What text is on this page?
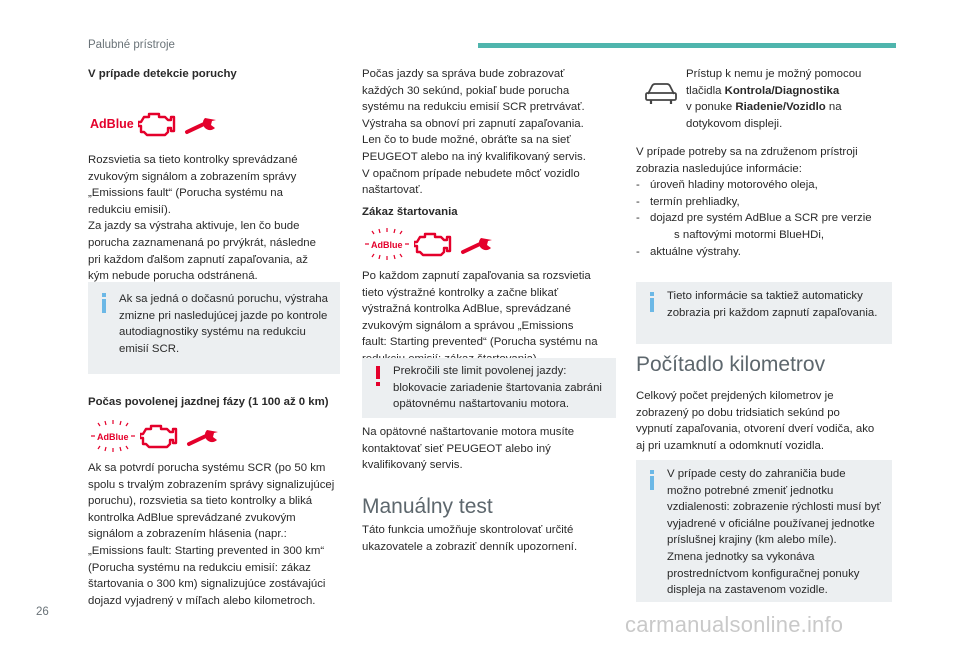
Palubné prístroje

V prípade detekcie poruchy

AdBlue

Rozsvietia sa tieto kontrolky sprevádzané

zvukovým signálom a zobrazením správy

„Emissions fault“ (Porucha systému na

redukciu emisií).

Za jazdy sa výstraha aktivuje, len čo bude

porucha zaznamenaná po prvýkrát, následne

pri každom ďalšom zapnutí zapaľovania, až

kým nebude porucha odstránená.

Ak sa jedná o dočasnú poruchu, výstraha

zmizne pri nasledujúcej jazde po kontrole

autodiagnostiky systému na redukciu

emisií SCR.

Počas povolenej jazdnej fázy (1 100 až 0 km)

AdBlue

Ak sa potvrdí porucha systému SCR (po 50 km

spolu s trvalým zobrazením správy signalizujúcej

poruchu), rozsvietia sa tieto kontrolky a bliká

kontrolka AdBlue sprevádzané zvukovým

signálom a zobrazením hlásenia (napr.:

„Emissions fault: Starting prevented in 300 km“

(Porucha systému na redukciu emisií: zákaz

štartovania o 300 km) signalizujúce zostávajúci

dojazd vyjadrený v míľach alebo kilometroch.

Počas jazdy sa správa bude zobrazovať

každých 30 sekúnd, pokiaľ bude porucha

systému na redukciu emisií SCR pretrvávať.

Výstraha sa obnoví pri zapnutí zapaľovania.

Len čo to bude možné, obráťte sa na sieť

PEUGEOT alebo na iný kvalifikovaný servis.

V opačnom prípade nebudete môcť vozidlo

naštartovať.

Zákaz štartovania

AdBlue

Po každom zapnutí zapaľovania sa rozsvietia

tieto výstražné kontrolky a začne blikať

výstražná kontrolka AdBlue, sprevádzané

zvukovým signálom a správou „Emissions

fault: Starting prevented“ (Porucha systému na

Prekročili ste limit povolenej jazdy:

blokovacie zariadenie štartovania zabráni

opätovnému naštartovaniu motora.

Na opätovné naštartovanie motora musíte

kontaktovať sieť PEUGEOT alebo iný

kvalifikovaný servis.

Manuálny test

Táto funkcia umožňuje skontrolovať určité

ukazovatele a zobraziť denník upozornení.

Prístup k nemu je možný pomocou

tlačidla Kontrola/Diagnostika

v ponuke Riadenie/Vozidlo na

dotykovom displeji.

V prípade potreby sa na združenom prístroji

zobrazia nasledujúce informácie:

- úroveň hladiny motorového oleja,
- termín prehliadky,
- dojazd pre systém AdBlue a SCR pre verzie

s naftovými motormi BlueHDi,

- aktuálne výstrahy.

Tieto informácie sa taktiež automaticky

zobrazia pri každom zapnutí zapaľovania.

Počítadlo kilometrov

Celkový počet prejdených kilometrov je

zobrazený po dobu tridsiatich sekúnd po

vypnutí zapaľovania, otvorení dverí vodiča, ako

aj pri uzamknutí a odomknutí vozidla.

V prípade cesty do zahraničia bude

možno potrebné zmeniť jednotku

vzdialenosti: zobrazenie rýchlosti musí byť

vyjadrené v oficiálne používanej jednotke

príslušnej krajiny (km alebo míle).

Zmena jednotky sa vykonáva

prostredníctvom konfiguračnej ponuky

displeja na zastavenom vozidle.

26	carmanualsonline.info
